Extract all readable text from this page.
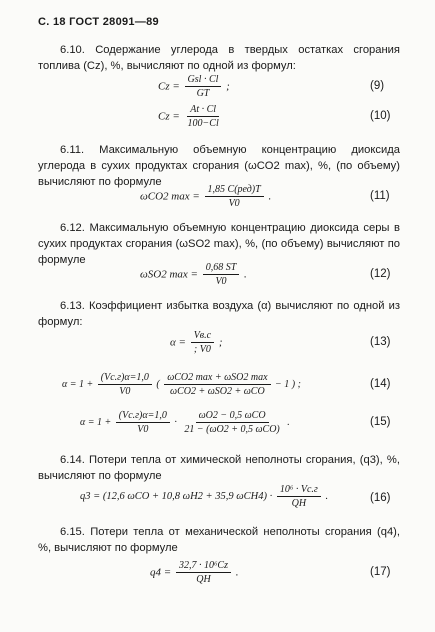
С. 18 ГОСТ 28091—89
6.10. Содержание углерода в твердых остатках сгорания топлива (Cz), %, вычисляют по одной из формул:
$Cz = \frac{\text{Gsl · Cl}}{GT}$ ;	(9)
$Cz = \frac{At \cdot Cl}{100-Cl}$	(10)
6.11. Максимальную объемную концентрацию диоксида углерода в сухих продуктах сгорания (ωCO2 max), %, (по объему) вычисляют по формуле
ωCO2 $\max = \frac{\text{1,85 C(ред)T}}{V0}$ .	(11)
6.12. Максимальную объемную концентрацию диоксида серы в сухих продуктах сгорания (ωSO2 max), %, (по объему) вычисляют по формуле
ωSO2 $\max = \frac{0,68 ST}{V0}$ .	(12)
6.13. Коэффициент избытка воздуха (α) вычисляют по одной из формул:
$\alpha = \frac{Vв.с}{; V0}$ ;	(13)
$\alpha = 1 + \frac{(Vс.г)\alpha=1,0}{V0}$ ( $\frac{\text{ωCO2 max + ωSO2 max}}{\text{ωCO2 + ωSO2 + ωCO}} - 1$ ) ;	(14)
$\alpha = 1 + \frac{(Vс.г)\alpha=1,0}{V0} \cdot \frac{\text{ωO2 − 0,5 ωCO}}{\text{21 − (ωO2 + 0,5 ωCO)}}$ .	(15)
6.14. Потери тепла от химической неполноты сгорания, (q3), %, вычисляют по формуле
q3 = (12,6 ωCO + 10,8 ωH2 + 35,9 $\omega CH4) \cdot \frac{\text{10⁶ · Vс.г}}{QH}$ .	(16)
6.15. Потери тепла от механической неполноты сгорания (q4), %, вычисляют по формуле
$q4 = \frac{\text{32,7 · 10⁶Cz}}{QH}$ .	(17)
